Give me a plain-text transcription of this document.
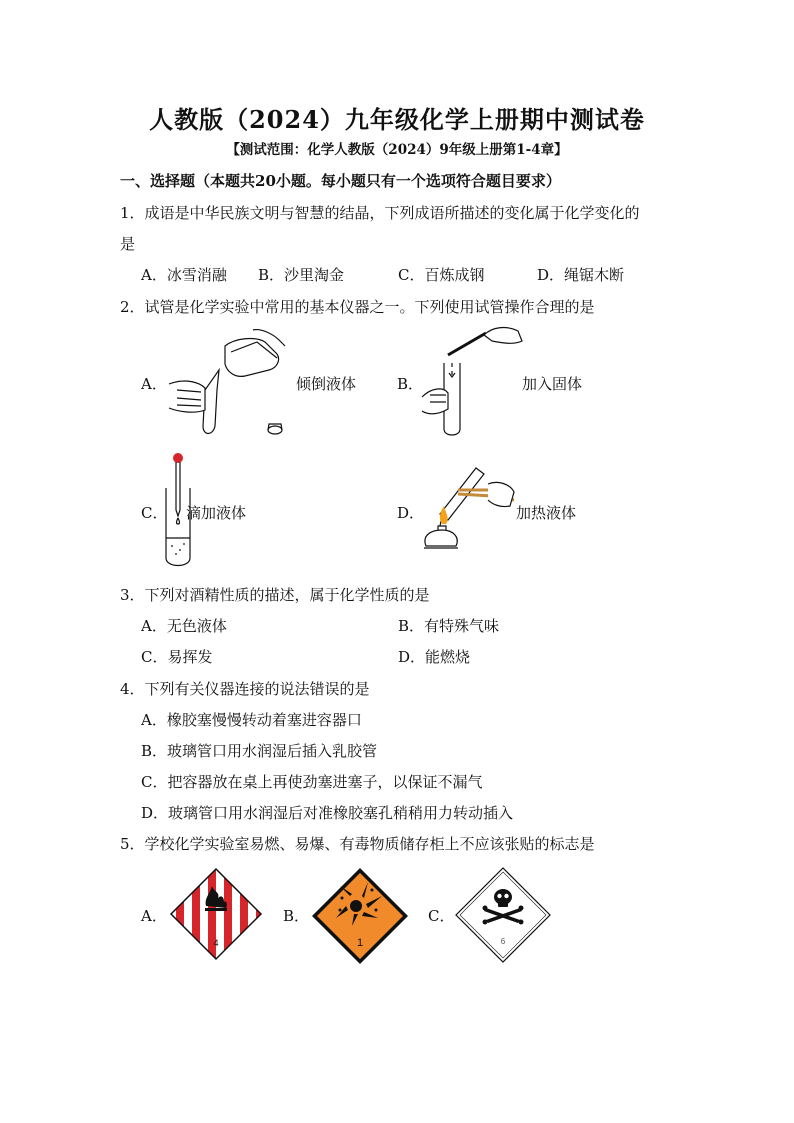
人教版（2024）九年级化学上册期中测试卷
【测试范围：化学人教版（2024）9年级上册第1-4章】
一、选择题（本题共20小题。每小题只有一个选项符合题目要求）
1．成语是中华民族文明与智慧的结晶，下列成语所描述的变化属于化学变化的
是
A．冰雪消融 B．沙里淘金	C．百炼成钢	D．绳锯木断
2．试管是化学实验中常用的基本仪器之一。下列使用试管操作合理的是
A．	倾倒液体	B．	加入固体
C． 滴加液体	D．	加热液体
3．下列对酒精性质的描述，属于化学性质的是
A．无色液体	B．有特殊气味
C．易挥发	D．能燃烧
4．下列有关仪器连接的说法错误的是
A．橡胶塞慢慢转动着塞进容器口
B．玻璃管口用水润湿后插入乳胶管
C．把容器放在桌上再使劲塞进塞子，以保证不漏气
D．玻璃管口用水润湿后对准橡胶塞孔稍稍用力转动插入
5．学校化学实验室易燃、易爆、有毒物质储存柜上不应该张贴的标志是
A．
4
B．
1
C．
6
